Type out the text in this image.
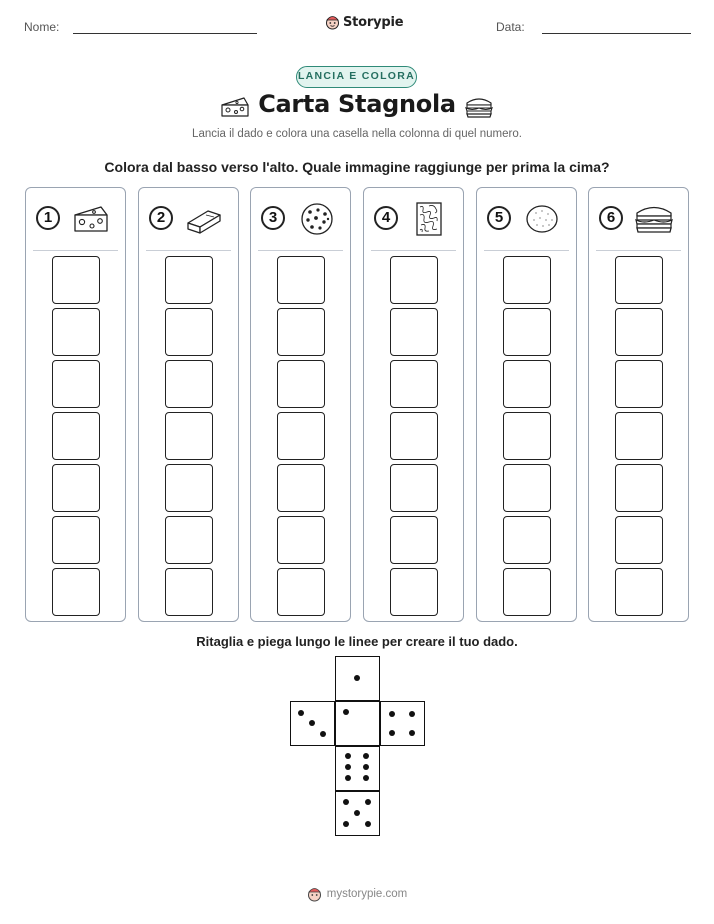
Nome:	Storypie	Data:
LANCIA E COLORA
Carta Stagnola
Lancia il dado e colora una casella nella colonna di quel numero.
Colora dal basso verso l'alto. Quale immagine raggiunge per prima la cima?
1	2	3	4	5	6
Ritaglia e piega lungo le linee per creare il tuo dado.
mystorypie.com
